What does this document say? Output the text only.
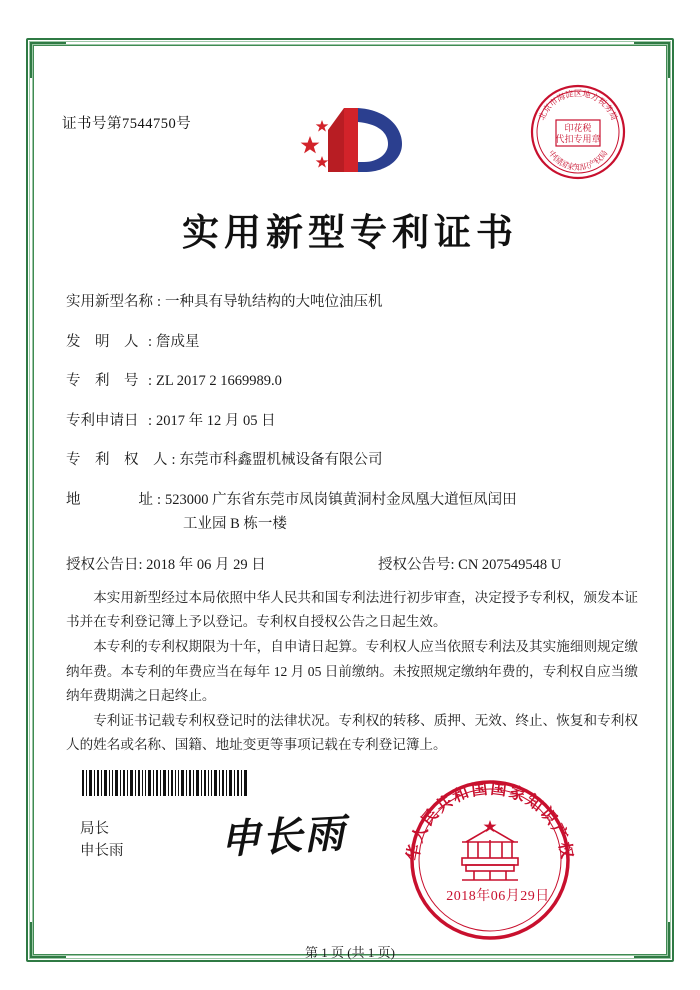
证书号第7544750号	印花税
代扣专用章
北京市海淀区地方税务局
中国国家知识产权局
实用新型专利证书
实用新型名称 : 一种具有导轨结构的大吨位油压机
发　明　人 : 詹成星
专　利　号 : ZL 2017 2 1669989.0
专利申请日 : 2017 年 12 月 05 日
专　利　权　人 : 东莞市科鑫盟机械设备有限公司
地　　　　址 : 523000 广东省东莞市凤岗镇黄洞村金凤凰大道恒凤闰田
工业园 B 栋一楼
授权公告日: 2018 年 06 月 29 日	授权公告号: CN 207549548 U

本实用新型经过本局依照中华人民共和国专利法进行初步审查，决定授予专利权，颁发本证书并在专利登记簿上予以登记。专利权自授权公告之日起生效。

本专利的专利权期限为十年，自申请日起算。专利权人应当依照专利法及其实施细则规定缴纳年费。本专利的年费应当在每年 12 月 05 日前缴纳。未按照规定缴纳年费的，专利权自应当缴纳年费期满之日起终止。

专利证书记载专利权登记时的法律状况。专利权的转移、质押、无效、终止、恢复和专利权人的姓名或名称、国籍、地址变更等事项记载在专利登记簿上。

局长
申长雨 申长雨	华人民共和国国家知识产权
2018年06月29日
第 1 页 (共 1 页)
